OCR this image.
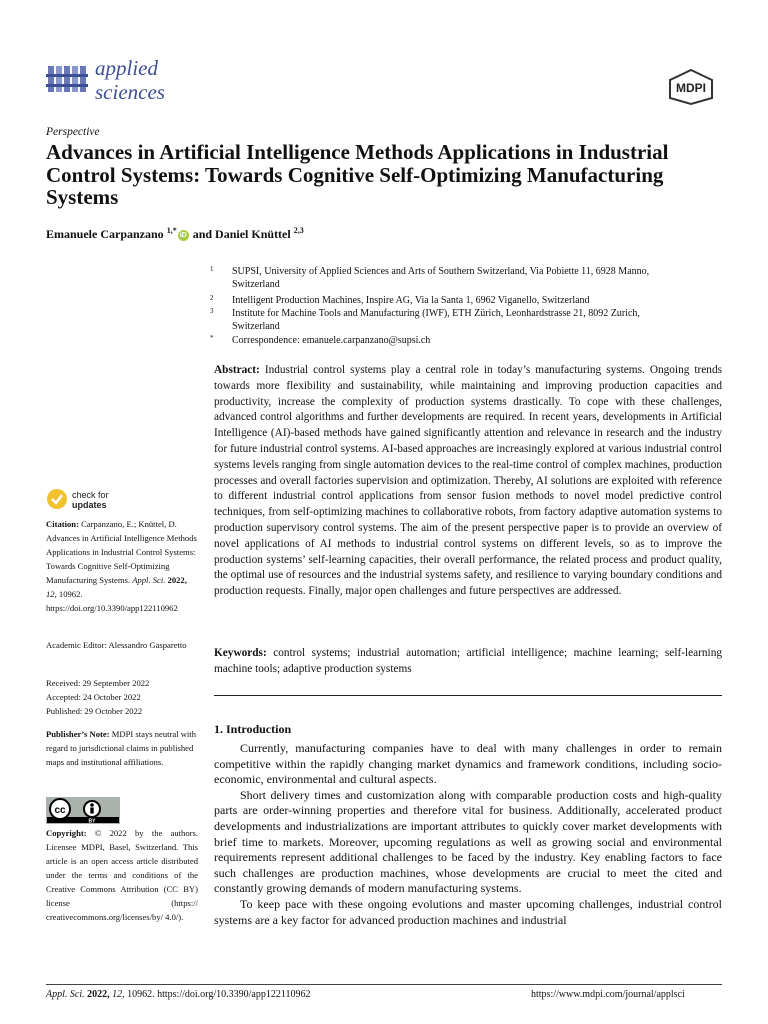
applied
sciences	MDPI
Perspective
Advances in Artificial Intelligence Methods Applications in Industrial Control Systems: Towards Cognitive Self-Optimizing Manufacturing Systems
Emanuele Carpanzano $^{1,*}$iD and Daniel Knüttel $^{2,3}$
1	SUPSI, University of Applied Sciences and Arts of Southern Switzerland, Via Pobiette 11, 6928 Manno, Switzerland
2	Intelligent Production Machines, Inspire AG, Via la Santa 1, 6962 Viganello, Switzerland
3	Institute for Machine Tools and Manufacturing (IWF), ETH Zürich, Leonhardstrasse 21, 8092 Zurich, Switzerland
*	Correspondence: emanuele.carpanzano@supsi.ch
Abstract: Industrial control systems play a central role in today’s manufacturing systems. Ongoing trends towards more flexibility and sustainability, while maintaining and improving production capacities and productivity, increase the complexity of production systems drastically. To cope with these challenges, advanced control algorithms and further developments are required. In recent years, developments in Artificial Intelligence (AI)-based methods have gained significantly attention and relevance in research and the industry for future industrial control systems. AI-based approaches are increasingly explored at various industrial control systems levels ranging from single automation devices to the real-time control of complex machines, production processes and overall factories supervision and optimization. Thereby, AI solutions are exploited with reference to different industrial control applications from sensor fusion methods to novel model predictive control techniques, from self-optimizing machines to collaborative robots, from factory adaptive automation systems to production supervisory control systems. The aim of the present perspective paper is to provide an overview of novel applications of AI methods to industrial control systems on different levels, so as to improve the production systems’ self-learning capacities, their overall performance, the related process and product quality, the optimal use of resources and the industrial systems safety, and resilience to varying boundary conditions and production requests. Finally, major open challenges and future perspectives are addressed.
Keywords: control systems; industrial automation; artificial intelligence; machine learning; self-learning machine tools; adaptive production systems
1. Introduction

Currently, manufacturing companies have to deal with many challenges in order to remain competitive within the rapidly changing market dynamics and framework conditions, including socio-economic, environmental and cultural aspects.

Short delivery times and customization along with comparable production costs and high-quality parts are order-winning properties and therefore vital for business. Additionally, accelerated product developments and industrializations are important attributes to quickly cover market developments with brief time to markets. Moreover, upcoming regulations as well as growing social and environmental requirements represent additional challenges to be faced by the industry. Key enabling factors to face such challenges are production machines, whose developments are crucial to meet the cited and constantly growing demands of modern manufacturing systems.

To keep pace with these ongoing evolutions and master upcoming challenges, industrial control systems are a key factor for advanced production machines and industrial

check for
updates
Citation: Carpanzano, E.; Knüttel, D. Advances in Artificial Intelligence Methods Applications in Industrial Control Systems: Towards Cognitive Self-Optimizing Manufacturing Systems. Appl. Sci. 2022, 12, 10962. https://doi.org/10.3390/app122110962
Academic Editor: Alessandro Gasparetto
Received: 29 September 2022
Accepted: 24 October 2022
Published: 29 October 2022
Publisher’s Note: MDPI stays neutral with regard to jurisdictional claims in published maps and institutional affiliations.
cc
BY
Copyright: © 2022 by the authors. Licensee MDPI, Basel, Switzerland. This article is an open access article distributed under the terms and conditions of the Creative Commons Attribution (CC BY) license (https:// creativecommons.org/licenses/by/ 4.0/).
Appl. Sci. 2022, 12, 10962. https://doi.org/10.3390/app122110962	https://www.mdpi.com/journal/applsci
